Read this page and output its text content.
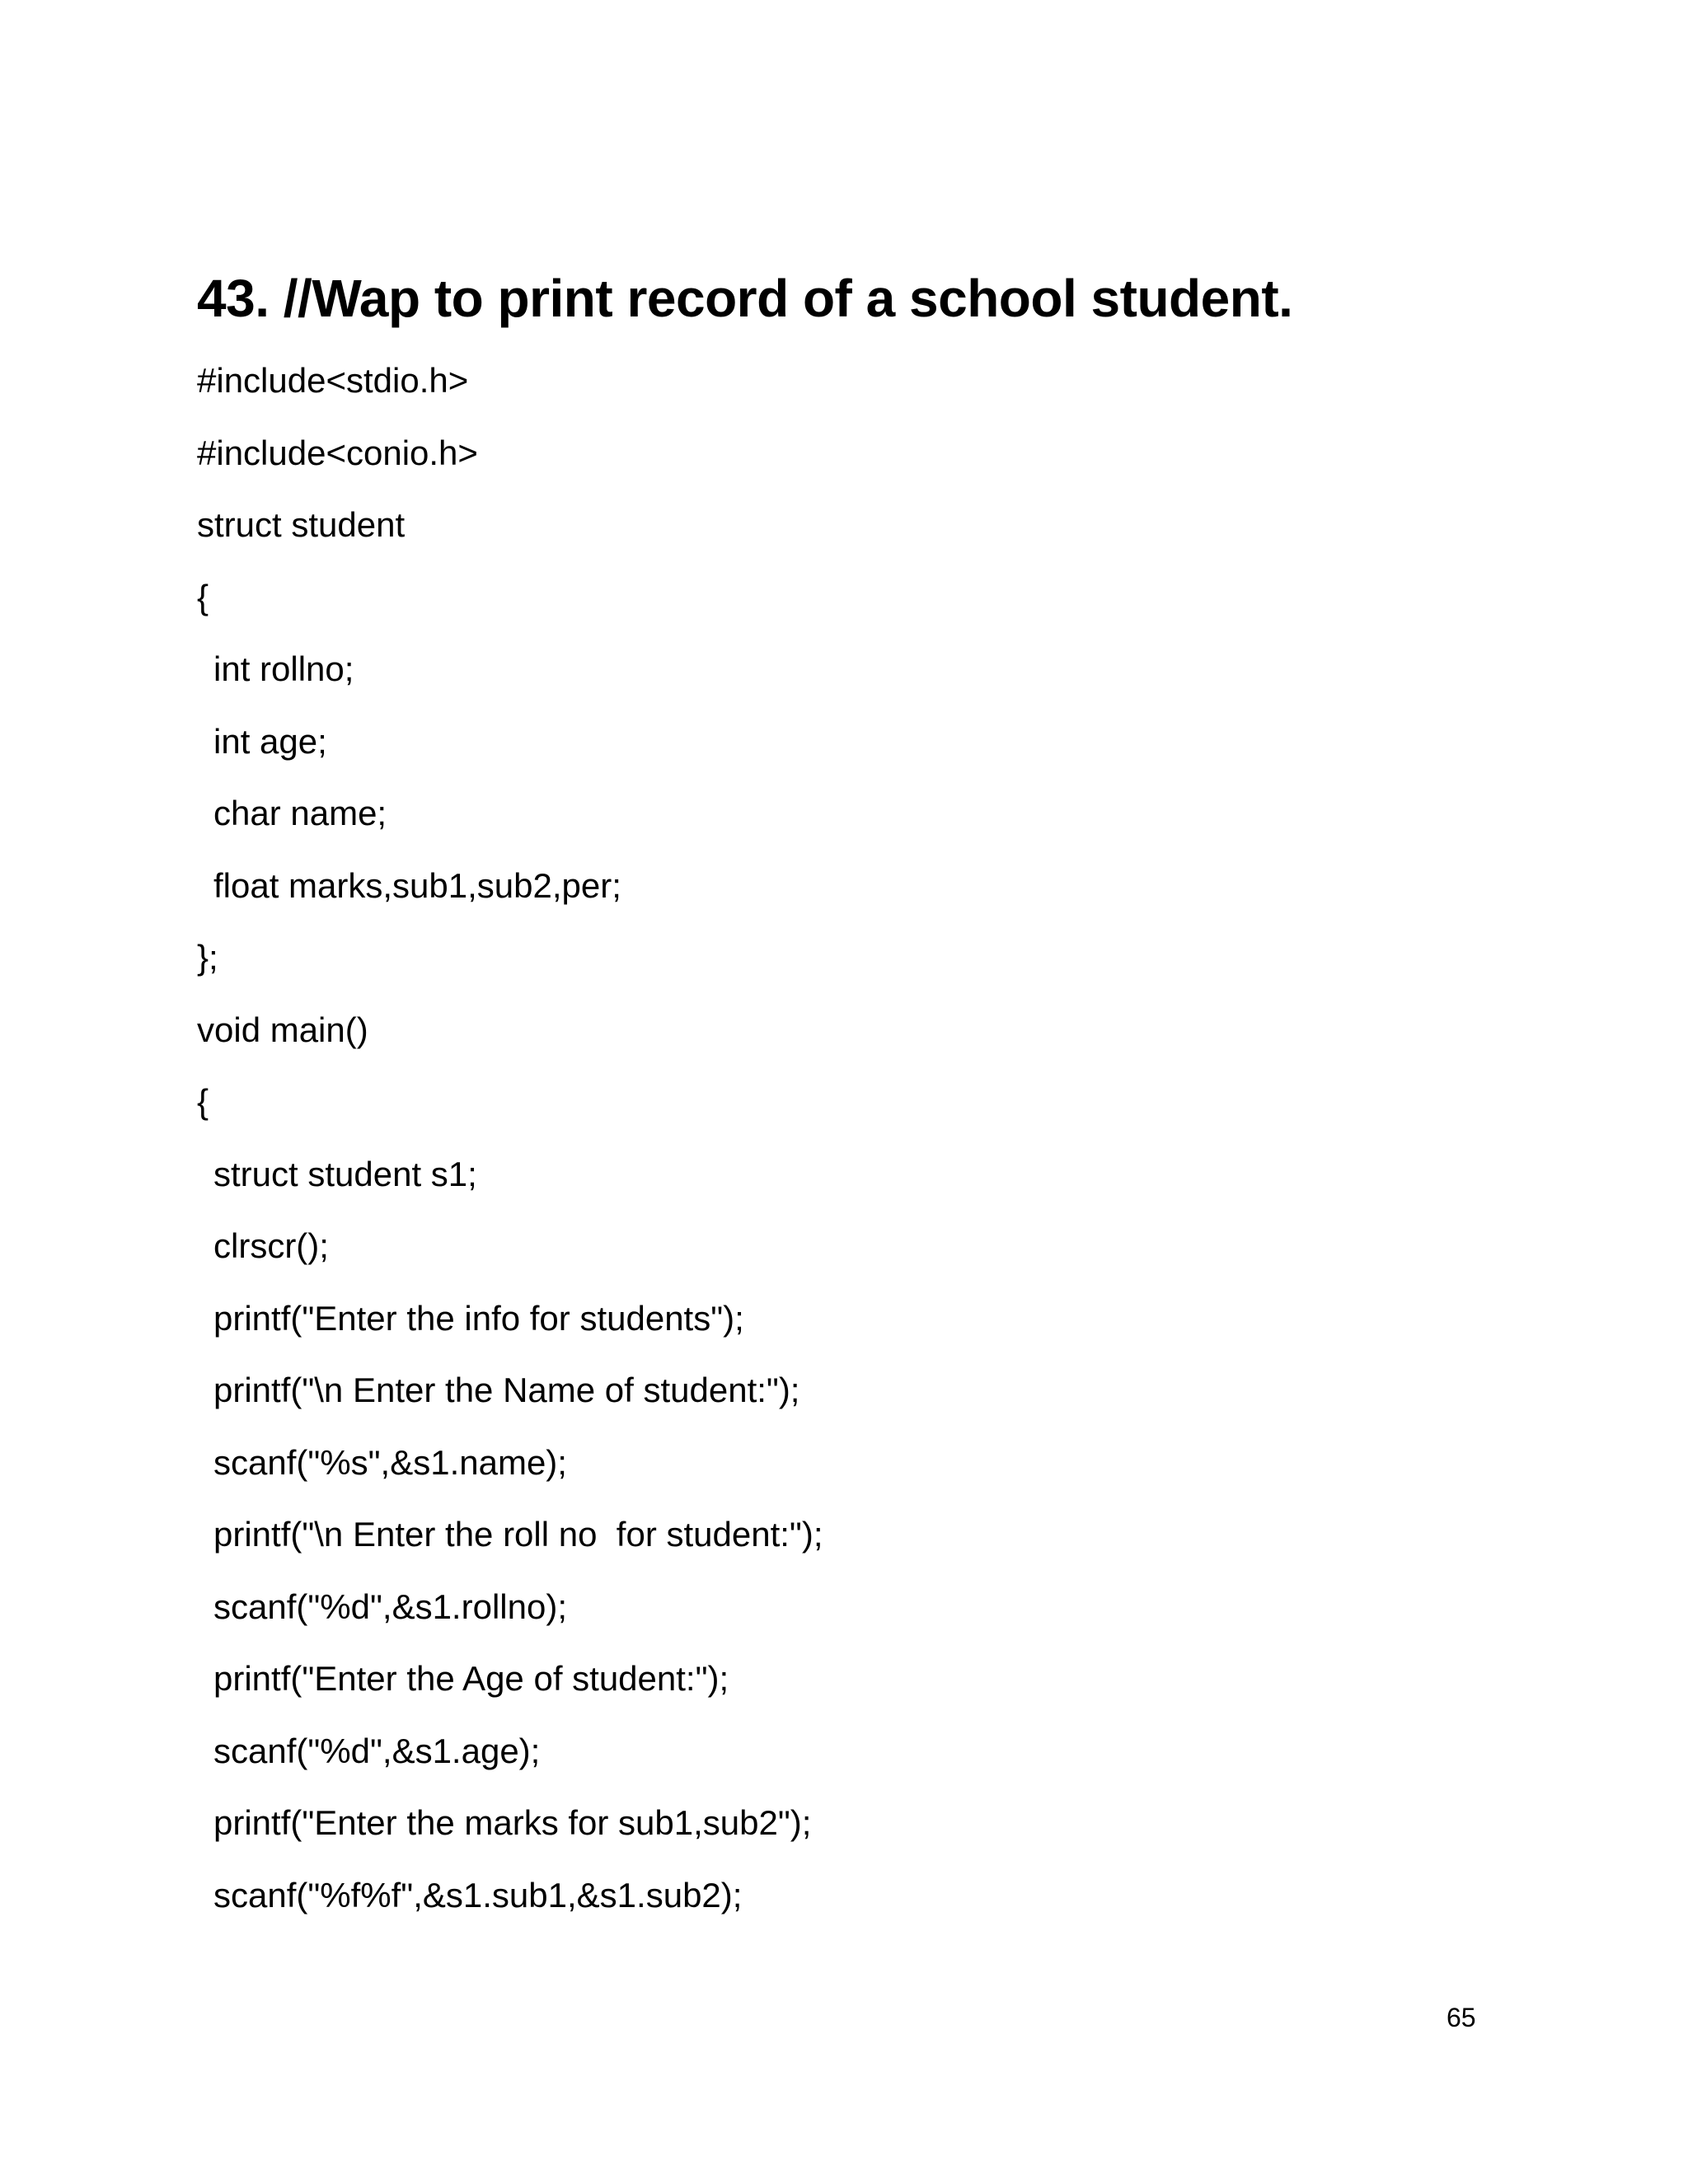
43. //Wap to print record of a school student.
#include<stdio.h>
#include<conio.h>
struct student
{
int rollno;
int age;
char name;
float marks,sub1,sub2,per;
};
void main()
{
struct student s1;
clrscr();
printf("Enter the info for students");
printf("\n Enter the Name of student:");
scanf("%s",&s1.name);
printf("\n Enter the roll no  for student:");
scanf("%d",&s1.rollno);
printf("Enter the Age of student:");
scanf("%d",&s1.age);
printf("Enter the marks for sub1,sub2");
scanf("%f%f",&s1.sub1,&s1.sub2);
65
